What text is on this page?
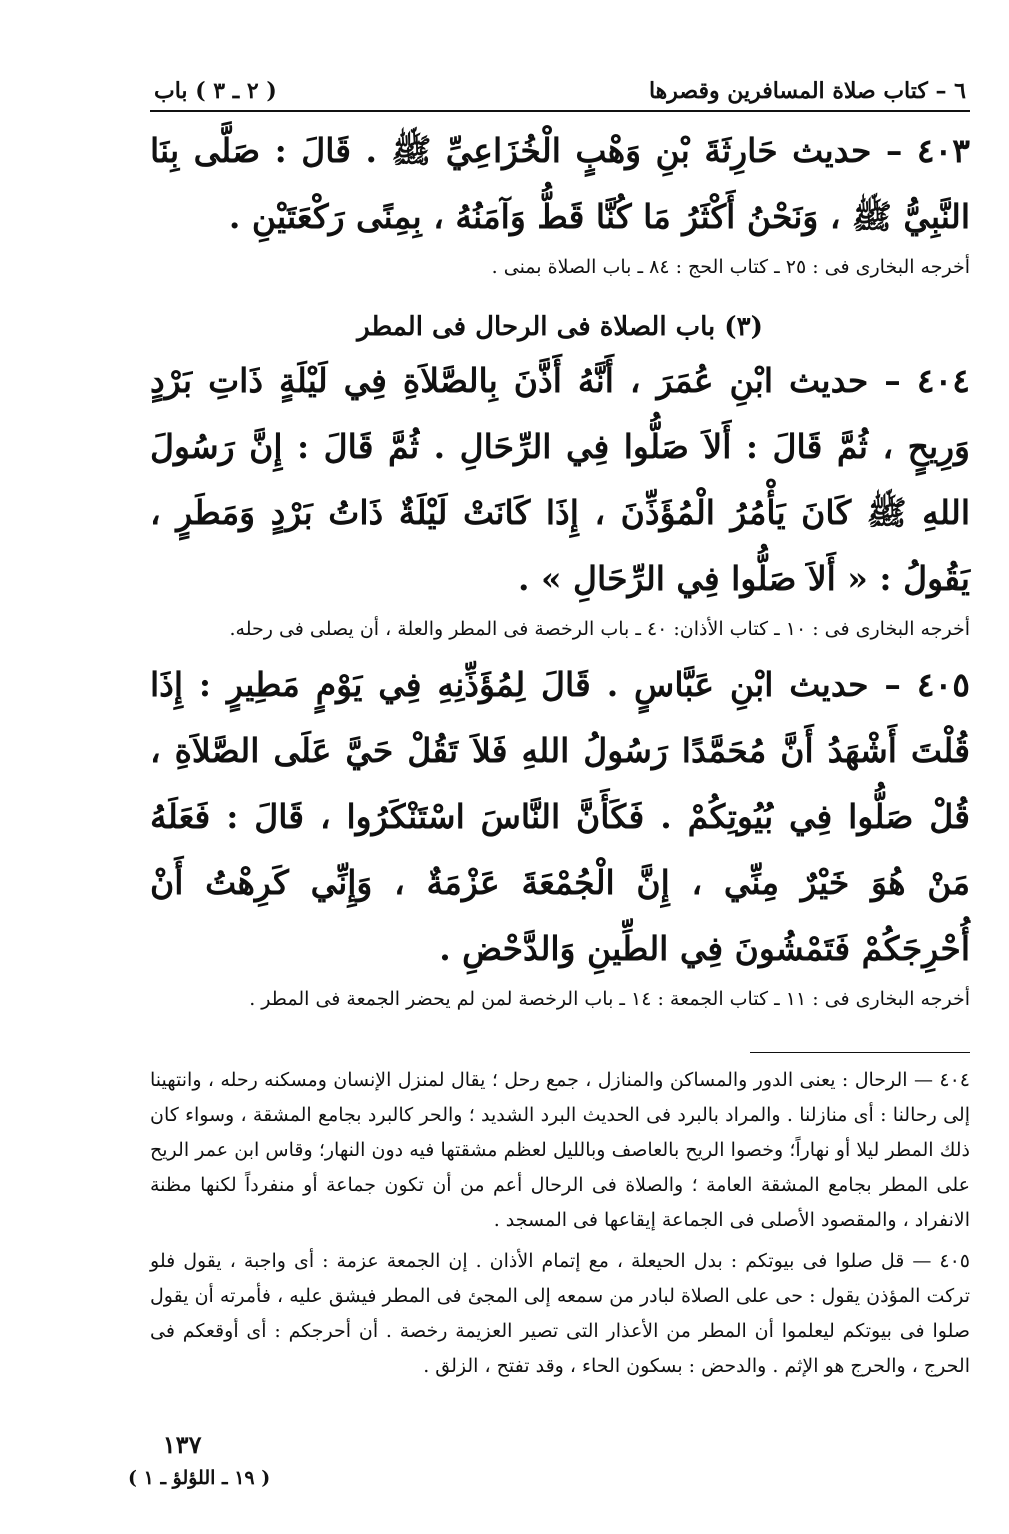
٦ – كتاب صلاة المسافرين وقصرها
( ٢ ـ ٣ ) باب
٤٠٣ – حديث حَارِثَةَ بْنِ وَهْبٍ الْخُزَاعِيِّ ﷺ . قَالَ : صَلَّى بِنَا النَّبِيُّ ﷺ ، وَنَحْنُ أَكْثَرُ مَا كُنَّا قَطُّ وَآمَنُهُ ، بِمِنًى رَكْعَتَيْنِ .
أخرجه البخارى فى : ٢٥ ـ كتاب الحج : ٨٤ ـ باب الصلاة بمنى .
(٣) باب الصلاة فى الرحال فى المطر
٤٠٤ – حديث ابْنِ عُمَرَ ، أَنَّهُ أَذَّنَ بِالصَّلاَةِ فِي لَيْلَةٍ ذَاتِ بَرْدٍ وَرِيحٍ ، ثُمَّ قَالَ : أَلاَ صَلُّوا فِي الرِّحَالِ . ثُمَّ قَالَ : إِنَّ رَسُولَ اللهِ ﷺ كَانَ يَأْمُرُ الْمُؤَذِّنَ ، إِذَا كَانَتْ لَيْلَةٌ ذَاتُ بَرْدٍ وَمَطَرٍ ، يَقُولُ : « أَلاَ صَلُّوا فِي الرِّحَالِ » .
أخرجه البخارى فى : ١٠ ـ كتاب الأذان: ٤٠ ـ باب الرخصة فى المطر والعلة ، أن يصلى فى رحله.
٤٠٥ – حديث ابْنِ عَبَّاسٍ . قَالَ لِمُؤَذِّنِهِ فِي يَوْمٍ مَطِيرٍ : إِذَا قُلْتَ أَشْهَدُ أَنَّ مُحَمَّدًا رَسُولُ اللهِ فَلاَ تَقُلْ حَيَّ عَلَى الصَّلاَةِ ، قُلْ صَلُّوا فِي بُيُوتِكُمْ . فَكَأَنَّ النَّاسَ اسْتَنْكَرُوا ، قَالَ : فَعَلَهُ مَنْ هُوَ خَيْرٌ مِنِّي ، إِنَّ الْجُمْعَةَ عَزْمَةٌ ، وَإِنِّي كَرِهْتُ أَنْ أُحْرِجَكُمْ فَتَمْشُونَ فِي الطِّينِ وَالدَّحْضِ .
أخرجه البخارى فى : ١١ ـ كتاب الجمعة : ١٤ ـ باب الرخصة لمن لم يحضر الجمعة فى المطر .
٤٠٤ — الرحال : يعنى الدور والمساكن والمنازل ، جمع رحل ؛ يقال لمنزل الإنسان ومسكنه رحله ، وانتهينا إلى رحالنا : أى منازلنا . والمراد بالبرد فى الحديث البرد الشديد ؛ والحر كالبرد بجامع المشقة ، وسواء كان ذلك المطر ليلا أو نهاراً؛ وخصوا الريح بالعاصف وبالليل لعظم مشقتها فيه دون النهار؛ وقاس ابن عمر الريح على المطر بجامع المشقة العامة ؛ والصلاة فى الرحال أعم من أن تكون جماعة أو منفرداً لكنها مظنة الانفراد ، والمقصود الأصلى فى الجماعة إيقاعها فى المسجد .
٤٠٥ — قل صلوا فى بيوتكم : بدل الحيعلة ، مع إتمام الأذان . إن الجمعة عزمة : أى واجبة ، يقول فلو تركت المؤذن يقول : حى على الصلاة لبادر من سمعه إلى المجئ فى المطر فيشق عليه ، فأمرته أن يقول صلوا فى بيوتكم ليعلموا أن المطر من الأعذار التى تصير العزيمة رخصة . أن أحرجكم : أى أوقعكم فى الحرج ، والحرج هو الإثم . والدحض : بسكون الحاء ، وقد تفتح ، الزلق .
١٣٧
( ١٩ ـ اللؤلؤ ـ ١ )
